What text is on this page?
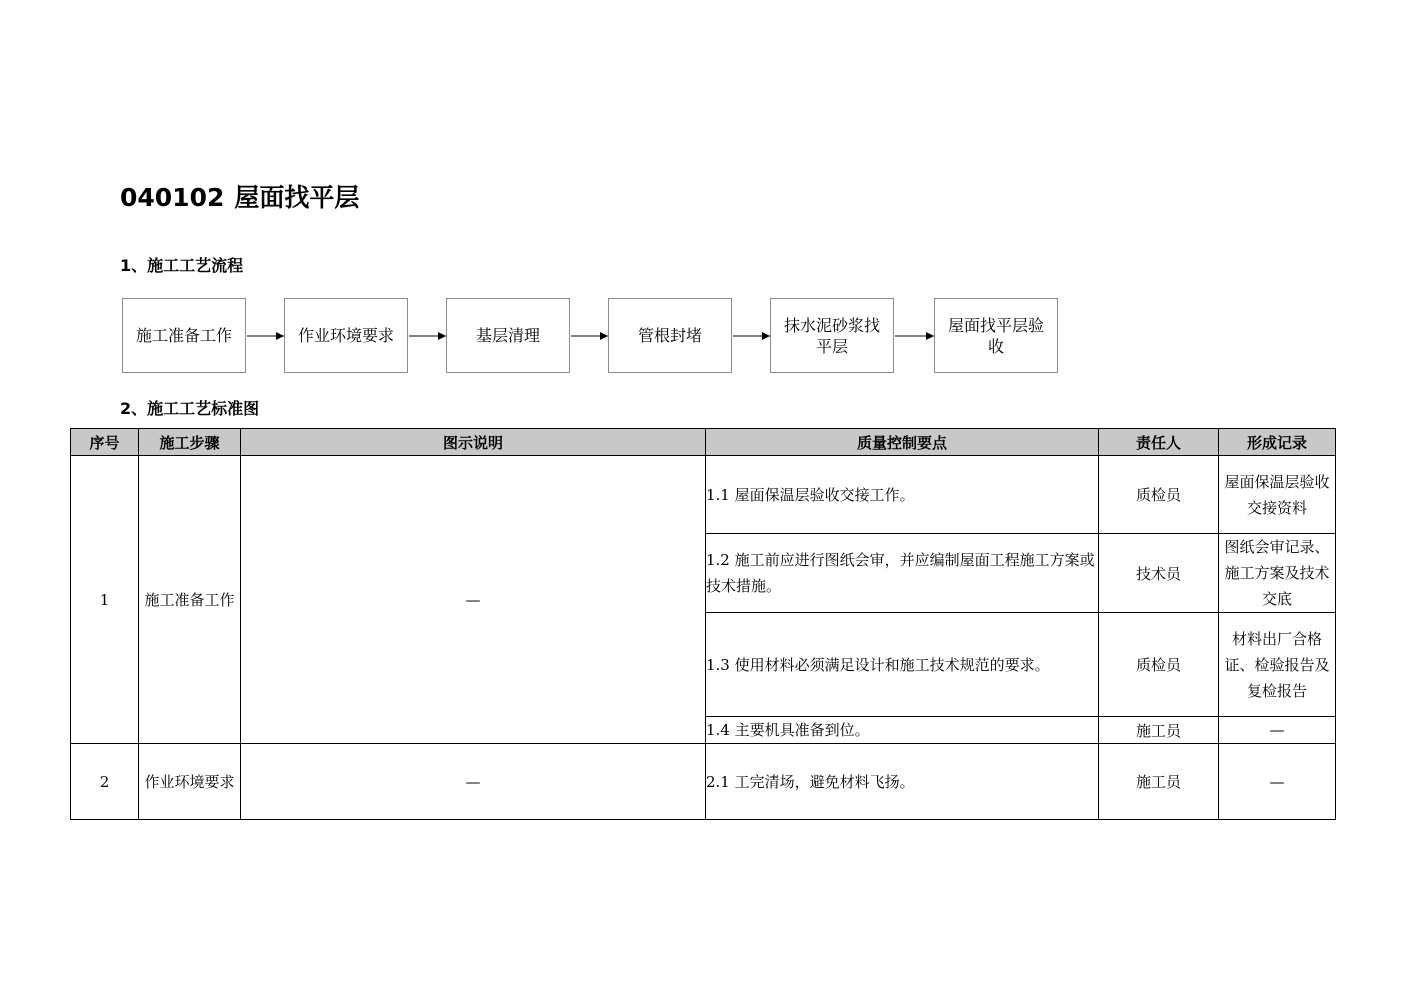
040102 屋面找平层
1、施工工艺流程
施工准备工作	作业环境要求	基层清理	管根封堵
抹水泥砂浆找平层
屋面找平层验收
2、施工工艺标准图
序号	施工步骤	图示说明	质量控制要点	责任人	形成记录
1	施工准备工作	—	1.1 屋面保温层验收交接工作。	质检员	屋面保温层验收交接资料
			1.2 施工前应进行图纸会审，并应编制屋面工程施工方案或技术措施。	技术员	图纸会审记录、施工方案及技术交底
			1.3 使用材料必须满足设计和施工技术规范的要求。	质检员	材料出厂合格证、检验报告及复检报告
			1.4 主要机具准备到位。	施工员	—
2	作业环境要求	—	2.1 工完清场，避免材料飞扬。	施工员	—
